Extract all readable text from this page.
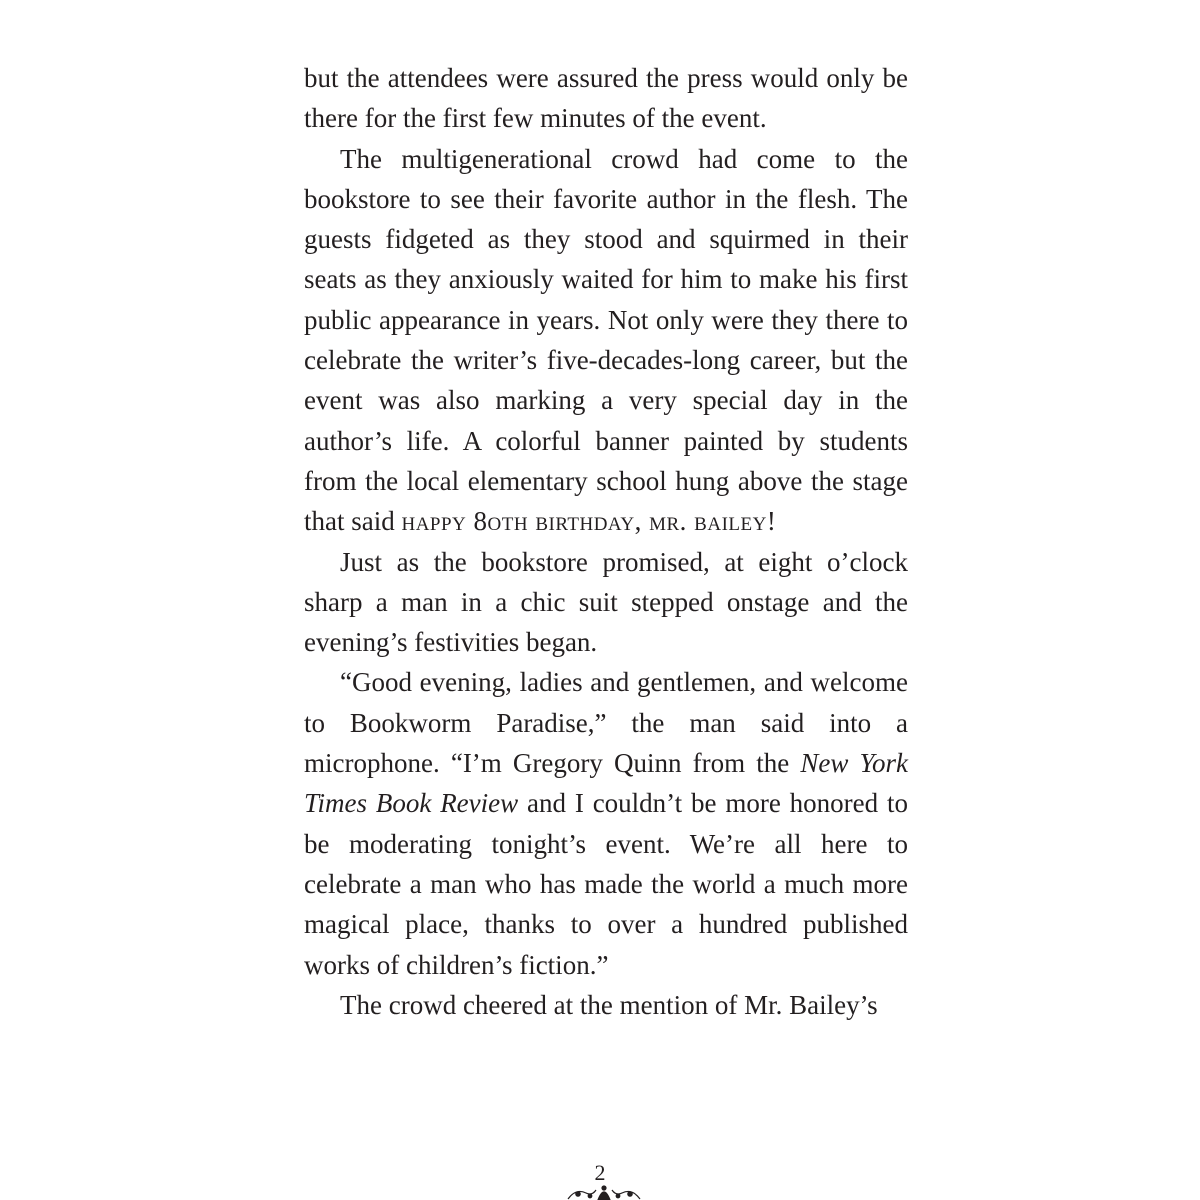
but the attendees were assured the press would only be there for the first few minutes of the event.

The multigenerational crowd had come to the bookstore to see their favorite author in the flesh. The guests fidgeted as they stood and squirmed in their seats as they anxiously waited for him to make his first public appearance in years. Not only were they there to celebrate the writer’s five-decades-long career, but the event was also marking a very special day in the author’s life. A colorful banner painted by students from the local elementary school hung above the stage that said happy 8oth birthday, mr. bailey!

Just as the bookstore promised, at eight o’clock sharp a man in a chic suit stepped onstage and the evening’s festivities began.

“Good evening, ladies and gentlemen, and welcome to Bookworm Paradise,” the man said into a microphone. “I’m Gregory Quinn from the New York Times Book Review and I couldn’t be more honored to be moderating tonight’s event. We’re all here to celebrate a man who has made the world a much more magical place, thanks to over a hundred published works of children’s fiction.”

The crowd cheered at the mention of Mr. Bailey’s

2
